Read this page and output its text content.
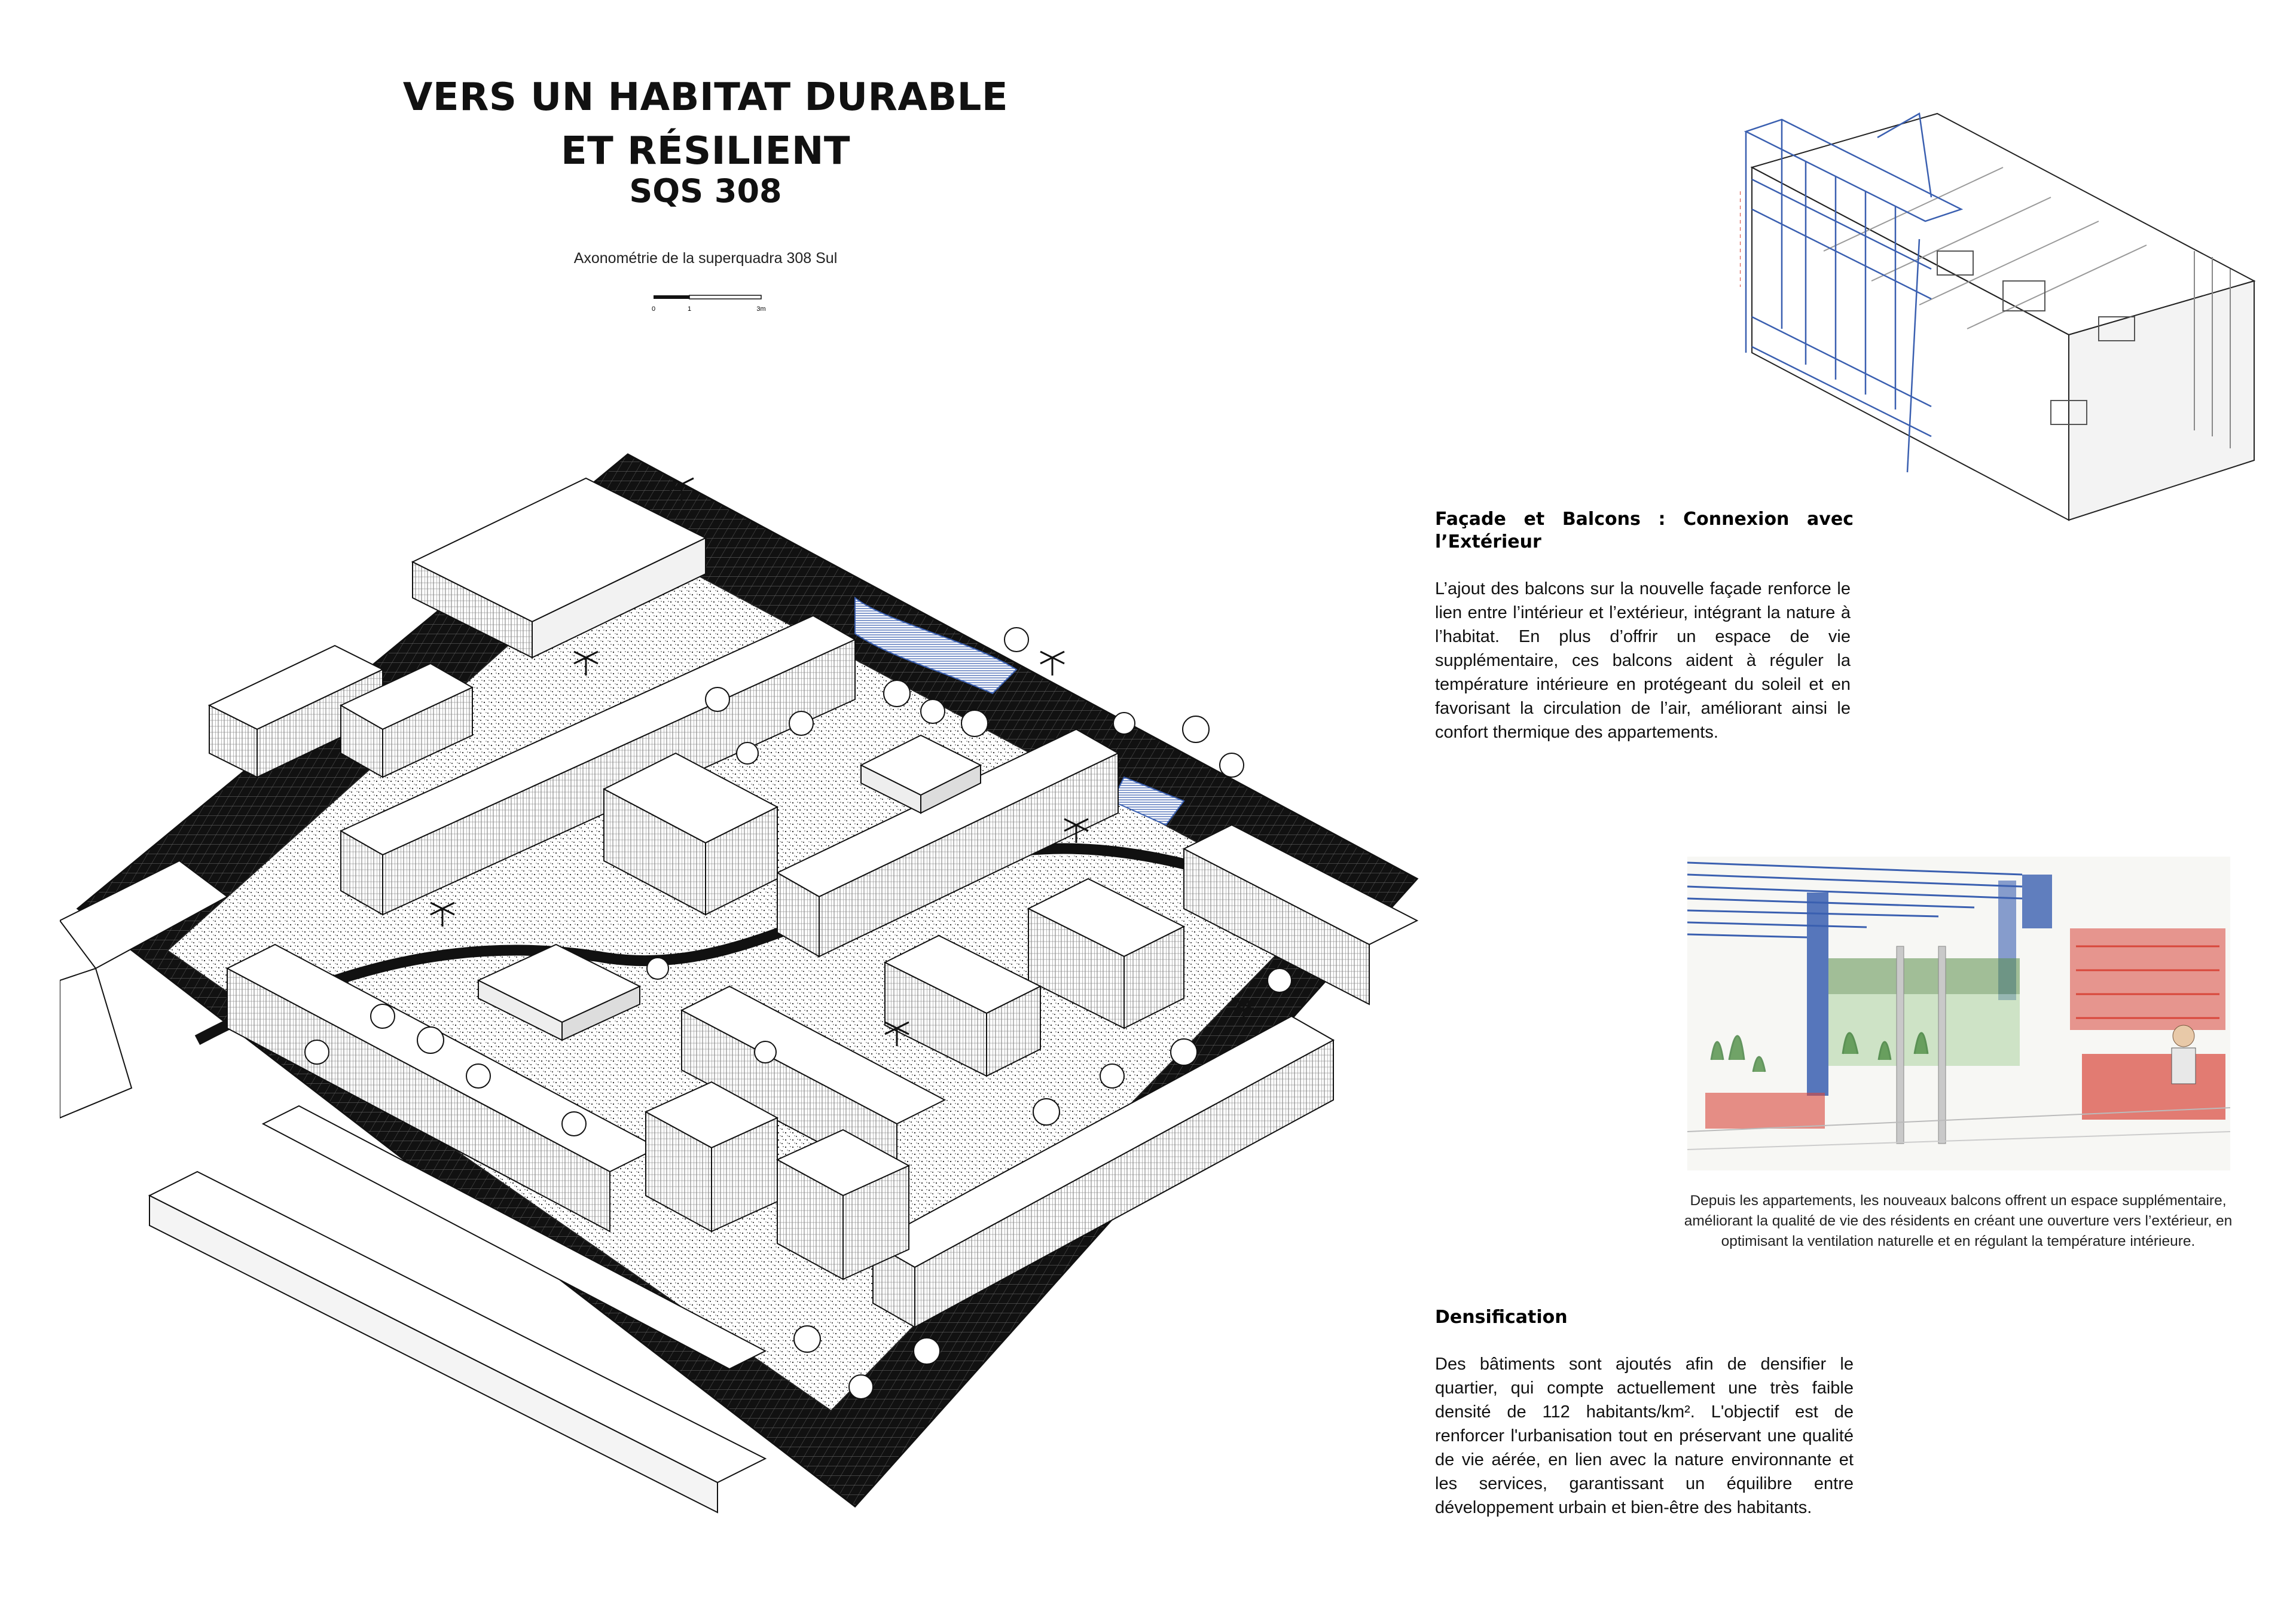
VERS UN HABITAT DURABLE
ET RÉSILIENT
SQS 308
Axonométrie de la superquadra 308 Sul
0	1	3m
Façade et Balcons : Connexion avec
l’Extérieur
L’ajout des balcons sur la nouvelle façade renforce le lien entre l’intérieur et l’extérieur, intégrant la nature à l’habitat. En plus d’offrir un espace de vie supplémentaire, ces balcons aident à réguler la température intérieure en protégeant du soleil et en favorisant la circulation de l’air, améliorant ainsi le confort thermique des appartements.
Depuis les appartements, les nouveaux balcons offrent un espace supplémentaire, améliorant la qualité de vie des résidents en créant une ouverture vers l’extérieur, en optimisant la ventilation naturelle et en régulant la température intérieure.
Densification
Des bâtiments sont ajoutés afin de densifier le quartier, qui compte actuellement une très faible densité de 112 habitants/km². L'objectif est de renforcer l'urbanisation tout en préservant une qualité de vie aérée, en lien avec la nature environnante et les services, garantissant un équilibre entre développement urbain et bien-être des habitants.
